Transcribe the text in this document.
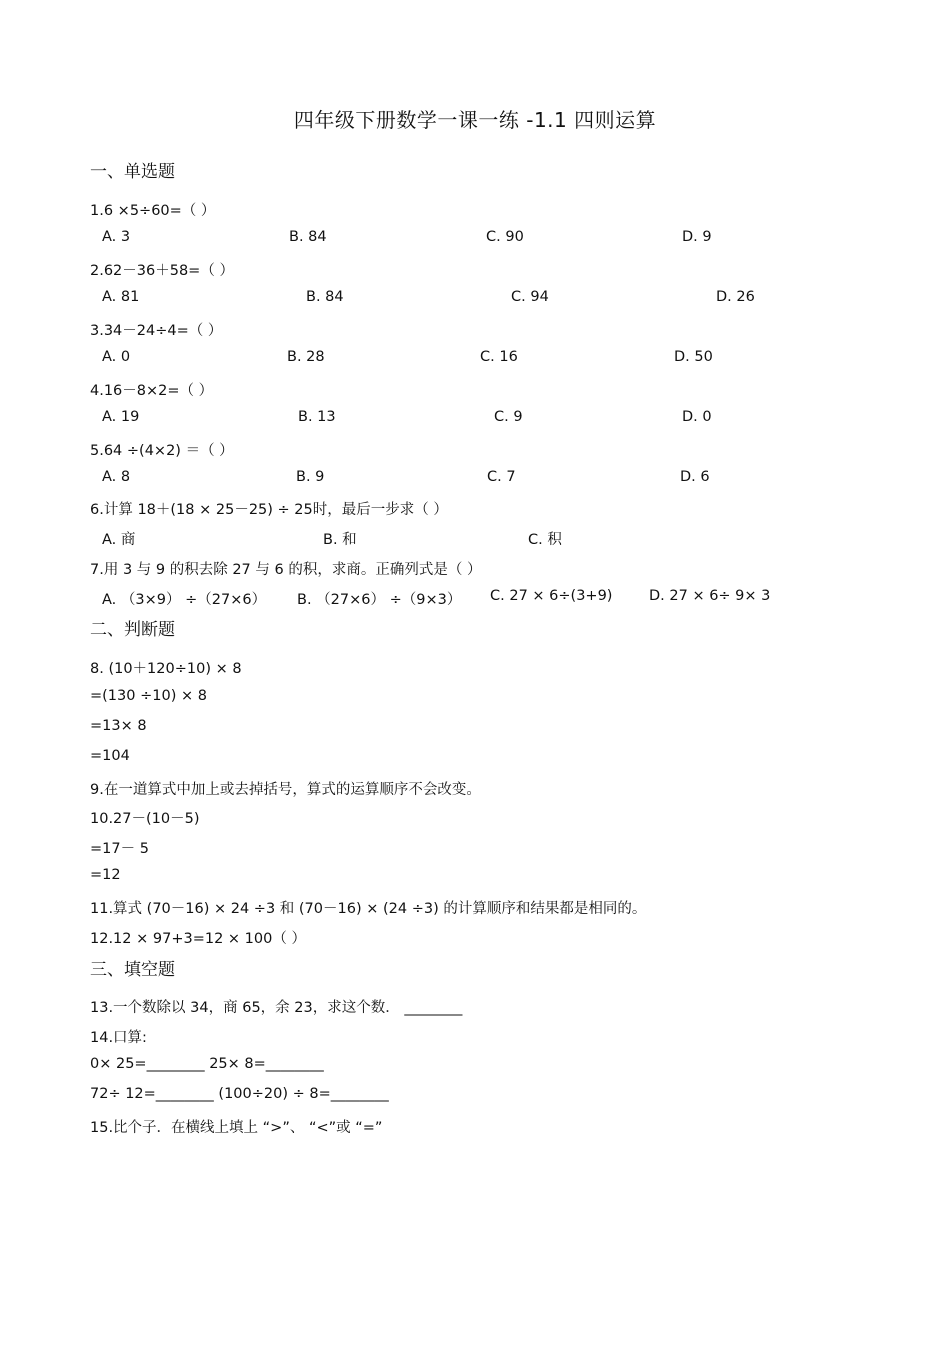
四年级下册数学一课一练 -1.1 四则运算
一、单选题
1.6 ×5÷60=（ ）
A. 3	B. 84	C. 90	D. 9
2.62－36＋58=（ ）
A. 81	B. 84	C. 94	D. 26
3.34－24÷4=（ ）
A. 0	B. 28	C. 16	D. 50
4.16－8×2=（ ）
A. 19	B. 13	C. 9	D. 0
5.64 ÷(4×2) ＝（ ）
A. 8	B. 9	C. 7	D. 6
6.计算 18＋(18 × 25－25) ÷ 25时，最后一步求（ ）
A. 商	B. 和	C. 积
7.用 3 与 9 的积去除 27 与 6 的积，求商。正确列式是（ ）
A. （3×9） ÷（27×6） B. （27×6） ÷（9×3） C. 27 × 6÷(3+9)	D. 27 × 6÷ 9× 3
二、判断题
8. (10＋120÷10) × 8
=(130 ÷10) × 8
=13× 8
=104
9.在一道算式中加上或去掉括号，算式的运算顺序不会改变。
10.27－(10－5)
=17－ 5
=12
11.算式 (70－16) × 24 ÷3 和 (70－16) × (24 ÷3) 的计算顺序和结果都是相同的。
12.12 × 97+3=12 × 100（ ）
三、填空题
13.一个数除以 34，商 65，余 23，求这个数． ________
14.口算:
0× 25=________ 25× 8=________
72÷ 12=________ (100÷20) ÷ 8=________
15.比个子．在横线上填上 “>”、 “<”或 “=”
